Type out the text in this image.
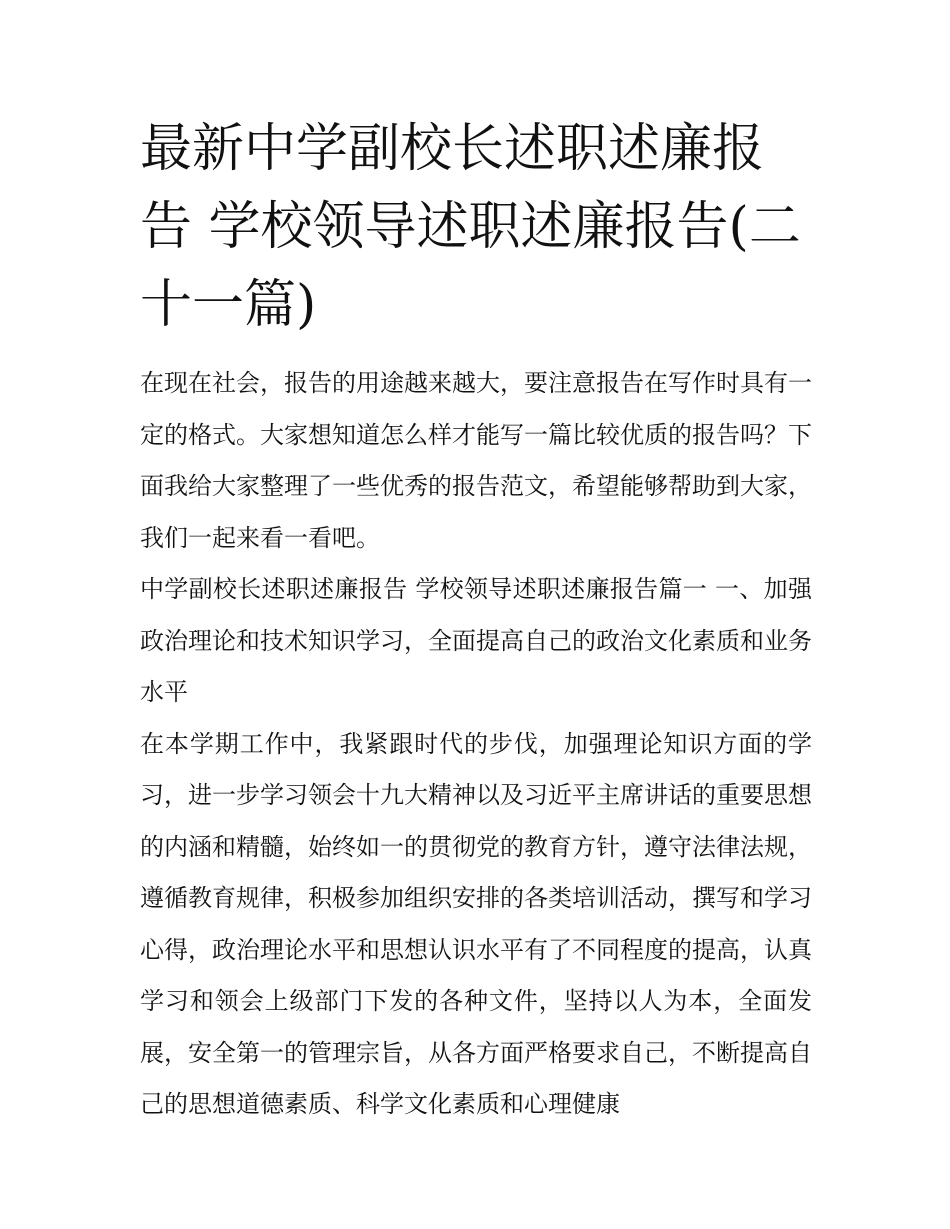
最新中学副校长述职述廉报告 学校领导述职述廉报告(二十一篇)

在现在社会，报告的用途越来越大，要注意报告在写作时具有一定的格式。大家想知道怎么样才能写一篇比较优质的报告吗？下面我给大家整理了一些优秀的报告范文，希望能够帮助到大家，我们一起来看一看吧。

中学副校长述职述廉报告 学校领导述职述廉报告篇一 一、加强政治理论和技术知识学习，全面提高自己的政治文化素质和业务水平

在本学期工作中，我紧跟时代的步伐，加强理论知识方面的学习，进一步学习领会十九大精神以及习近平主席讲话的重要思想的内涵和精髓，始终如一的贯彻党的教育方针，遵守法律法规，遵循教育规律，积极参加组织安排的各类培训活动，撰写和学习心得，政治理论水平和思想认识水平有了不同程度的提高，认真学习和领会上级部门下发的各种文件，坚持以人为本，全面发展，安全第一的管理宗旨，从各方面严格要求自己，不断提高自己的思想道德素质、科学文化素质和心理健康
